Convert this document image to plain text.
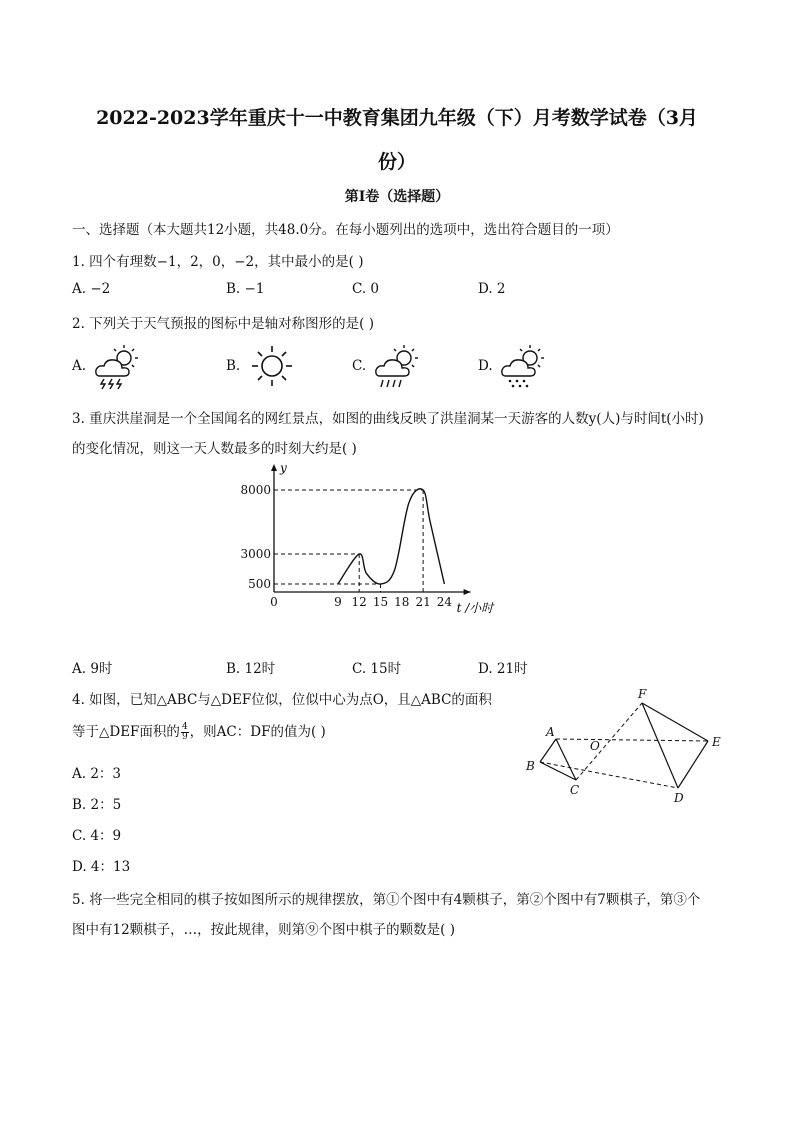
2022-2023学年重庆十一中教育集团九年级（下）月考数学试卷（3月
份）
第I卷（选择题）
一、选择题（本大题共12小题，共48.0分。在每小题列出的选项中，选出符合题目的一项）
1. 四个有理数−1，2，0，−2，其中最小的是( )
A. −2	B. −1	C. 0	D. 2
2. 下列关于天气预报的图标中是轴对称图形的是( )
A.	B.	C.	D.
3. 重庆洪崖洞是一个全国闻名的网红景点，如图的曲线反映了洪崖洞某一天游客的人数y(人)与时间t(小时)
的变化情况，则这一天人数最多的时刻大约是( )
0	9 12 15 18 21 24
500
3000
8000
y
t /小时
A. 9时	B. 12时	C. 15时	D. 21时
4. 如图，已知△ABC与△DEF位似，位似中心为点O，且△ABC的面积
等于△DEF面积的 $\frac{4}{9}$ ，则AC：DF的值为( )
A. 2：3
B. 2：5
C. 4：9
D. 4：13
A
B
C
O
F
E
D
5. 将一些完全相同的棋子按如图所示的规律摆放，第①个图中有4颗棋子，第②个图中有7颗棋子，第③个
图中有12颗棋子，…，按此规律，则第⑨个图中棋子的颗数是( )
